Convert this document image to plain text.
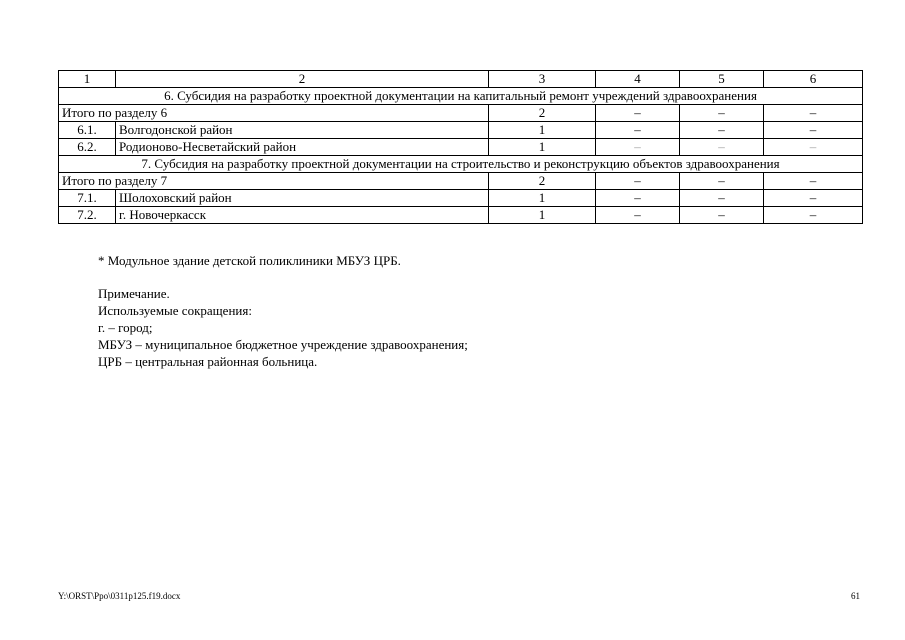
1	2	3	4	5	6
6. Субсидия на разработку проектной документации на капитальный ремонт учреждений здравоохранения					
Итого по разделу 6		2	–	–	–
6.1.	Волгодонской район	1	–	–	–
6.2.	Родионово-Несветайский район	1	–	–	–
7. Субсидия на разработку проектной документации на строительство и реконструкцию объектов здравоохранения					
Итого по разделу 7		2	–	–	–
7.1.	Шолоховский район	1	–	–	–
7.2.	г. Новочеркасск	1	–	–	–

* Модульное здание детской поликлиники МБУЗ ЦРБ.

Примечание.

Используемые сокращения:

г. – город;

МБУЗ – муниципальное бюджетное учреждение здравоохранения;

ЦРБ – центральная районная больница.

Y:\ORST\Ppo\0311p125.f19.docx	61
